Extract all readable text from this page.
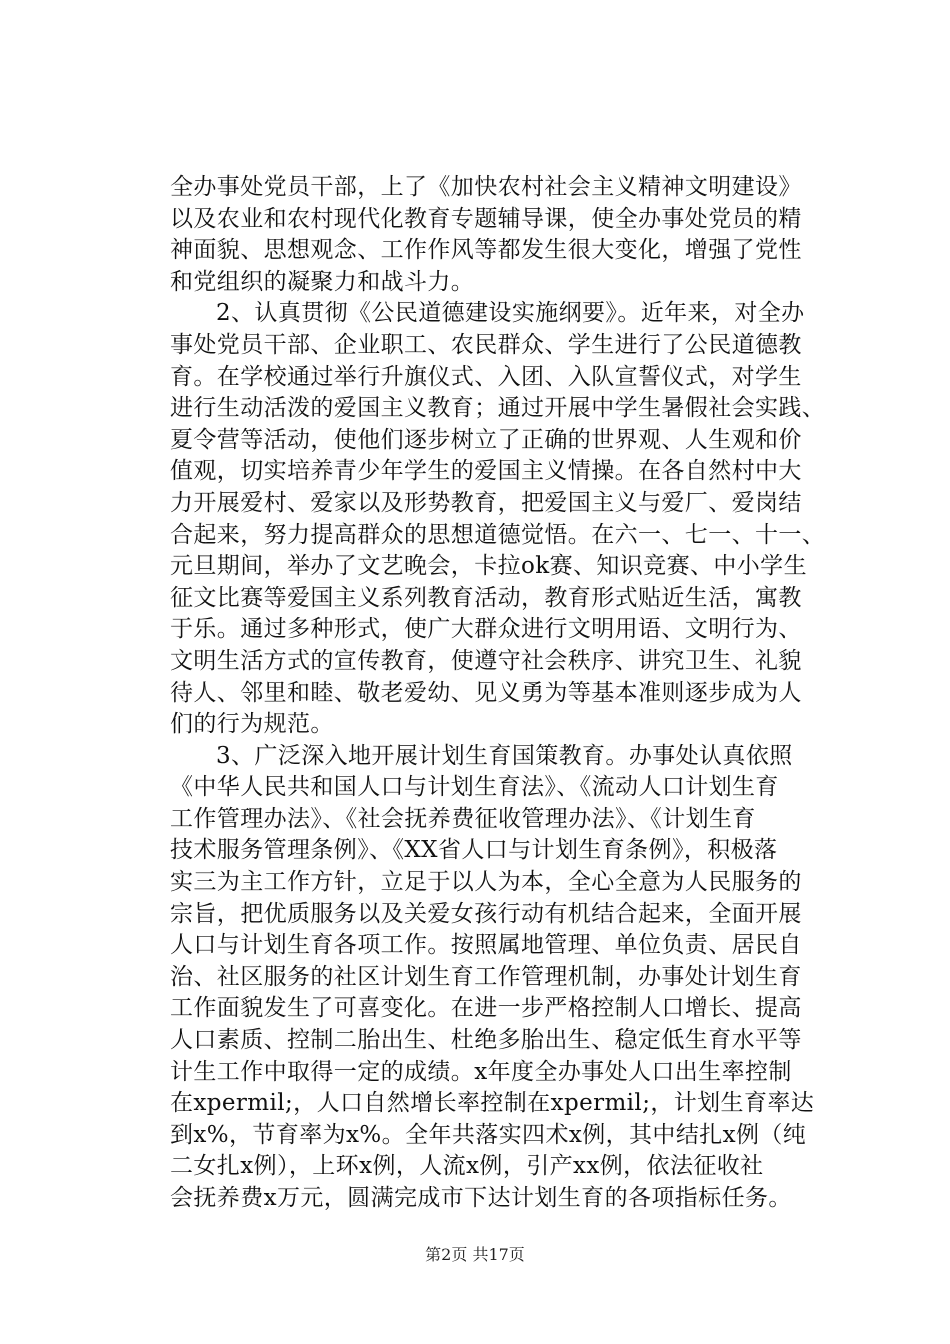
全办事处党员干部，上了《加快农村社会主义精神文明建设》
以及农业和农村现代化教育专题辅导课，使全办事处党员的精
神面貌、思想观念、工作作风等都发生很大变化，增强了党性
和党组织的凝聚力和战斗力。
2、认真贯彻《公民道德建设实施纲要》。近年来，对全办
事处党员干部、企业职工、农民群众、学生进行了公民道德教
育。在学校通过举行升旗仪式、入团、入队宣誓仪式，对学生
进行生动活泼的爱国主义教育；通过开展中学生暑假社会实践、
夏令营等活动，使他们逐步树立了正确的世界观、人生观和价
值观，切实培养青少年学生的爱国主义情操。在各自然村中大
力开展爱村、爱家以及形势教育，把爱国主义与爱厂、爱岗结
合起来，努力提高群众的思想道德觉悟。在六一、七一、十一、
元旦期间，举办了文艺晚会，卡拉ok赛、知识竞赛、中小学生
征文比赛等爱国主义系列教育活动，教育形式贴近生活，寓教
于乐。通过多种形式，使广大群众进行文明用语、文明行为、
文明生活方式的宣传教育，使遵守社会秩序、讲究卫生、礼貌
待人、邻里和睦、敬老爱幼、见义勇为等基本准则逐步成为人
们的行为规范。
3、广泛深入地开展计划生育国策教育。办事处认真依照
《中华人民共和国人口与计划生育法》、《流动人口计划生育
工作管理办法》、《社会抚养费征收管理办法》、《计划生育
技术服务管理条例》、《XX省人口与计划生育条例》，积极落
实三为主工作方针，立足于以人为本，全心全意为人民服务的
宗旨，把优质服务以及关爱女孩行动有机结合起来，全面开展
人口与计划生育各项工作。按照属地管理、单位负责、居民自
治、社区服务的社区计划生育工作管理机制，办事处计划生育
工作面貌发生了可喜变化。在进一步严格控制人口增长、提高
人口素质、控制二胎出生、杜绝多胎出生、稳定低生育水平等
计生工作中取得一定的成绩。x年度全办事处人口出生率控制
在xpermil;，人口自然增长率控制在xpermil;，计划生育率达
到x%，节育率为x%。全年共落实四术x例，其中结扎x例（纯
二女扎x例），上环x例，人流x例，引产xx例，依法征收社
会抚养费x万元，圆满完成市下达计划生育的各项指标任务。
第2页 共17页
